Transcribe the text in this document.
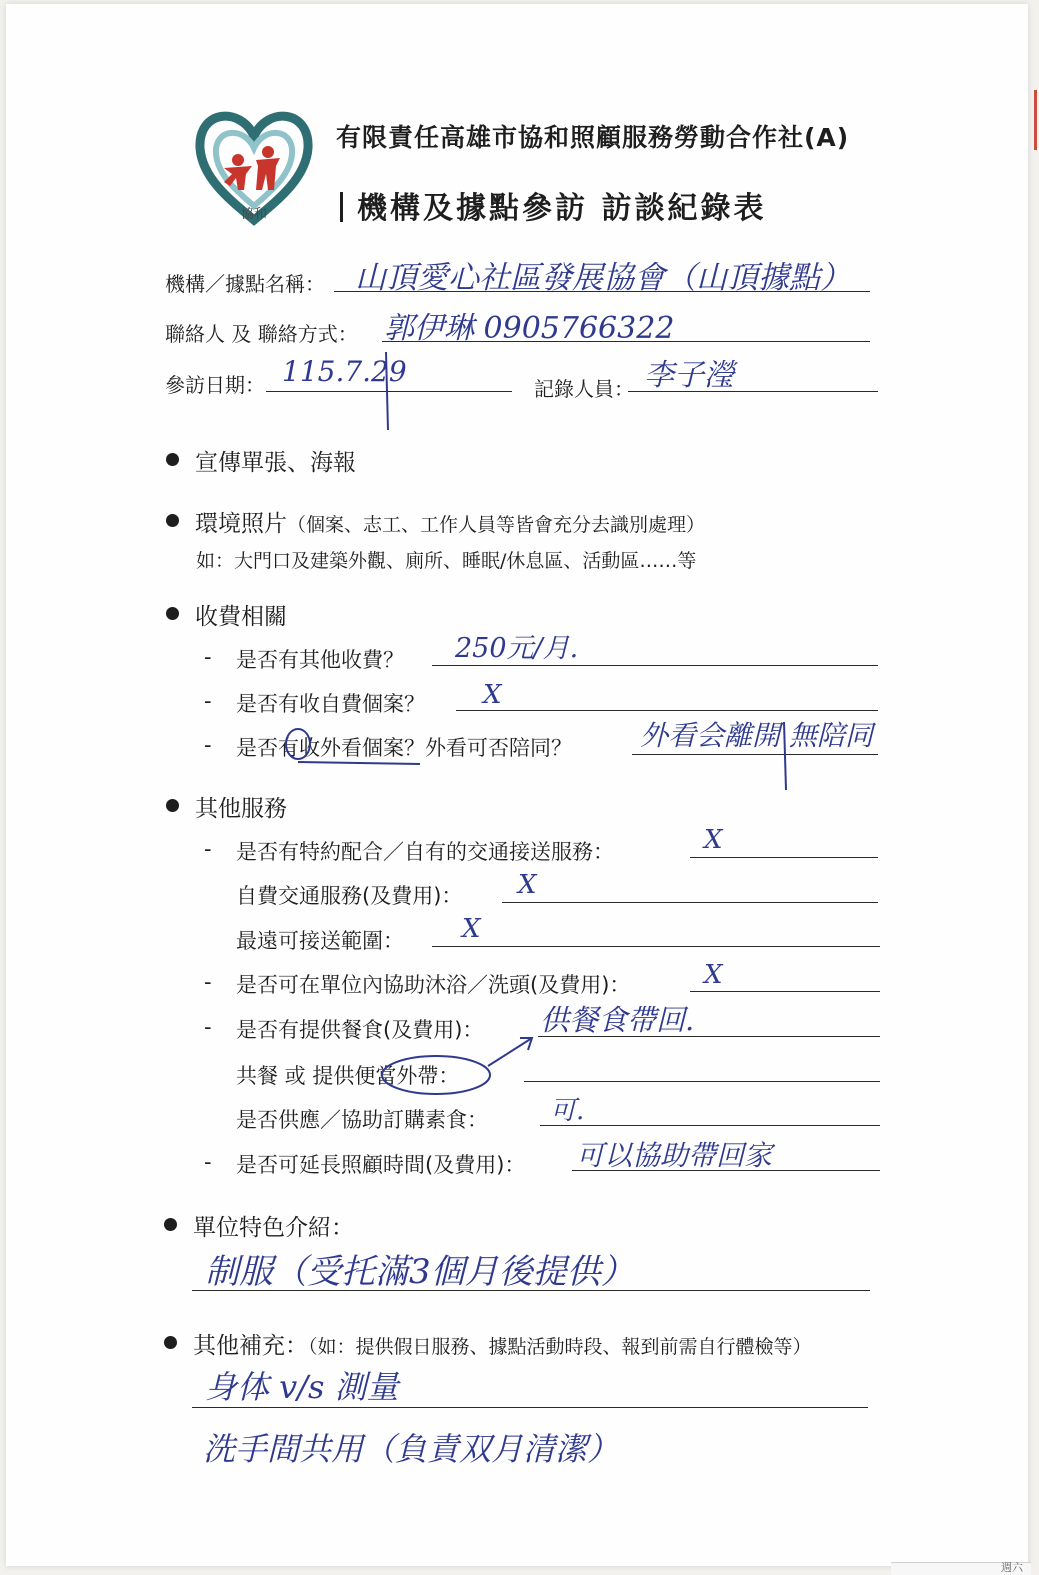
週六
協和
有限責任高雄市協和照顧服務勞動合作社(A)
機構及據點參訪 訪談紀錄表
機構／據點名稱： 山頂愛心社區發展協會（山頂據點）
聯絡人 及 聯絡方式： 郭伊琳 0905766322
參訪日期： 115.7.29
記錄人員： 李子瀅
宣傳單張、海報
環境照片（個案、志工、工作人員等皆會充分去識別處理）
如：大門口及建築外觀、廁所、睡眠/休息區、活動區……等
收費相關
- 是否有其他收費？ 250元/月.
- 是否有收自費個案？ X
- 是否有收外看個案？外看可否陪同？ 外看会離開 無陪同
其他服務
- 是否有特約配合／自有的交通接送服務：	X
自費交通服務(及費用)： X
最遠可接送範圍： X
- 是否可在單位內協助沐浴／洗頭(及費用)：	X
- 是否有提供餐食(及費用)： 供餐食帶回.
共餐 或 提供便當外帶：
是否供應／協助訂購素食： 可.
- 是否可延長照顧時間(及費用)： 可以協助帶回家
單位特色介紹：
制服（受托滿3個月後提供）
其他補充：（如：提供假日服務、據點活動時段、報到前需自行體檢等）
身体 v/s 測量
洗手間共用（負責双月清潔）
